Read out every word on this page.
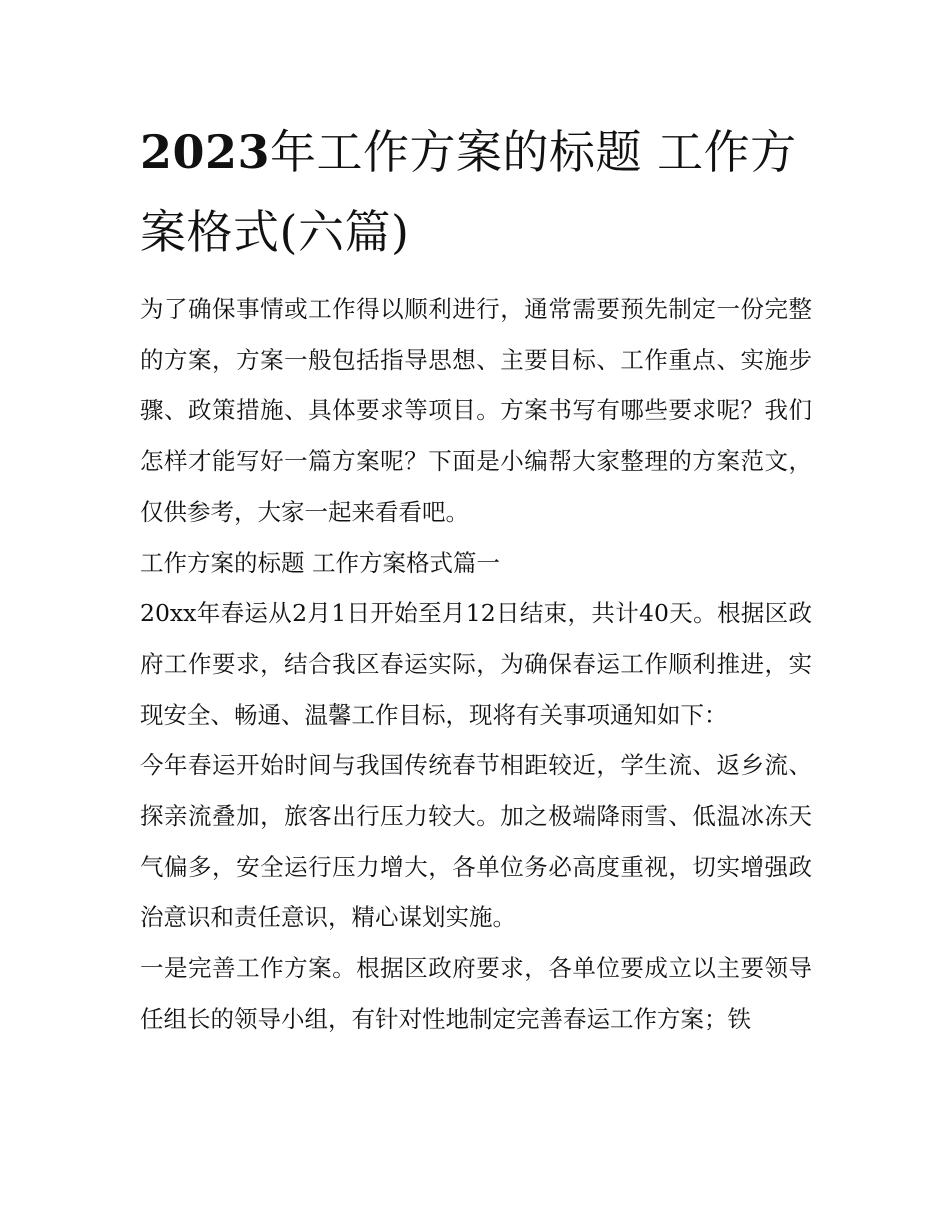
2023年工作方案的标题 工作方案格式(六篇)

为了确保事情或工作得以顺利进行，通常需要预先制定一份完整的方案，方案一般包括指导思想、主要目标、工作重点、实施步骤、政策措施、具体要求等项目。方案书写有哪些要求呢？我们怎样才能写好一篇方案呢？下面是小编帮大家整理的方案范文，仅供参考，大家一起来看看吧。

工作方案的标题 工作方案格式篇一

20xx年春运从2月1日开始至月12日结束，共计40天。根据区政府工作要求，结合我区春运实际，为确保春运工作顺利推进，实现安全、畅通、温馨工作目标，现将有关事项通知如下：

今年春运开始时间与我国传统春节相距较近，学生流、返乡流、探亲流叠加，旅客出行压力较大。加之极端降雨雪、低温冰冻天气偏多，安全运行压力增大，各单位务必高度重视，切实增强政治意识和责任意识，精心谋划实施。

一是完善工作方案。根据区政府要求，各单位要成立以主要领导任组长的领导小组，有针对性地制定完善春运工作方案；铁
